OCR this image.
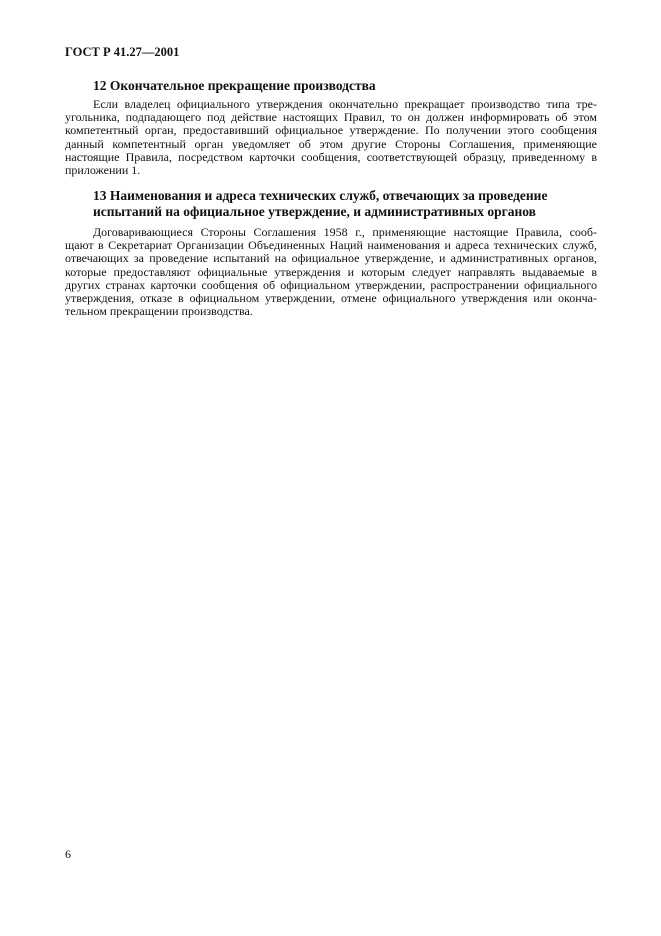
ГОСТ Р 41.27—2001
12 Окончательное прекращение производства
Если владелец официального утверждения окончательно прекращает производство типа тре-
угольника, подпадающего под действие настоящих Правил, то он должен информировать об этом
компетентный орган, предоставивший официальное утверждение. По получении этого сообщения
данный компетентный орган уведомляет об этом другие Стороны Соглашения, применяющие
настоящие Правила, посредством карточки сообщения, соответствующей образцу, приведенному в
приложении 1.
13 Наименования и адреса технических служб, отвечающих за проведение
испытаний на официальное утверждение, и административных органов
Договаривающиеся Стороны Соглашения 1958 г., применяющие настоящие Правила, сооб-
щают в Секретариат Организации Объединенных Наций наименования и адреса технических служб,
отвечающих за проведение испытаний на официальное утверждение, и административных органов,
которые предоставляют официальные утверждения и которым следует направлять выдаваемые в
других странах карточки сообщения об официальном утверждении, распространении официального
утверждения, отказе в официальном утверждении, отмене официального утверждения или оконча-
тельном прекращении производства.
6
